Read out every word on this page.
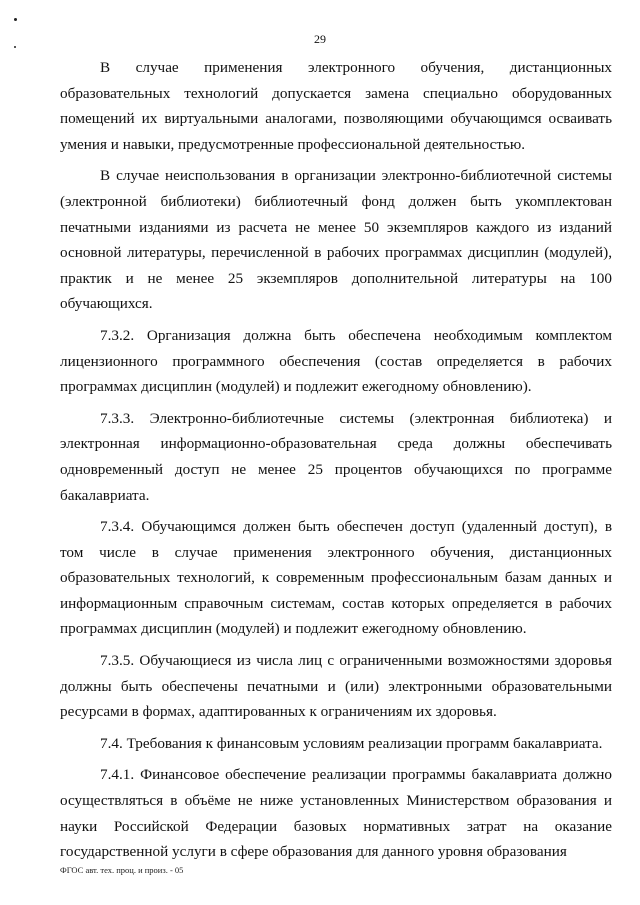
29

В случае применения электронного обучения, дистанционных образовательных технологий допускается замена специально оборудованных помещений их виртуальными аналогами, позволяющими обучающимся осваивать умения и навыки, предусмотренные профессиональной деятельностью.

В случае неиспользования в организации электронно-библиотечной системы (электронной библиотеки) библиотечный фонд должен быть укомплектован печатными изданиями из расчета не менее 50 экземпляров каждого из изданий основной литературы, перечисленной в рабочих программах дисциплин (модулей), практик и не менее 25 экземпляров дополнительной литературы на 100 обучающихся.

7.3.2. Организация должна быть обеспечена необходимым комплектом лицензионного программного обеспечения (состав определяется в рабочих программах дисциплин (модулей) и подлежит ежегодному обновлению).

7.3.3. Электронно-библиотечные системы (электронная библиотека) и электронная информационно-образовательная среда должны обеспечивать одновременный доступ не менее 25 процентов обучающихся по программе бакалавриата.

7.3.4. Обучающимся должен быть обеспечен доступ (удаленный доступ), в том числе в случае применения электронного обучения, дистанционных образовательных технологий, к современным профессиональным базам данных и информационным справочным системам, состав которых определяется в рабочих программах дисциплин (модулей) и подлежит ежегодному обновлению.

7.3.5. Обучающиеся из числа лиц с ограниченными возможностями здоровья должны быть обеспечены печатными и (или) электронными образовательными ресурсами в формах, адаптированных к ограничениям их здоровья.

7.4. Требования к финансовым условиям реализации программ бакалавриата.

7.4.1. Финансовое обеспечение реализации программы бакалавриата должно осуществляться в объёме не ниже установленных Министерством образования и науки Российской Федерации базовых нормативных затрат на оказание государственной услуги в сфере образования для данного уровня образования

ФГОС авт. тех. проц. и произ. - 05
